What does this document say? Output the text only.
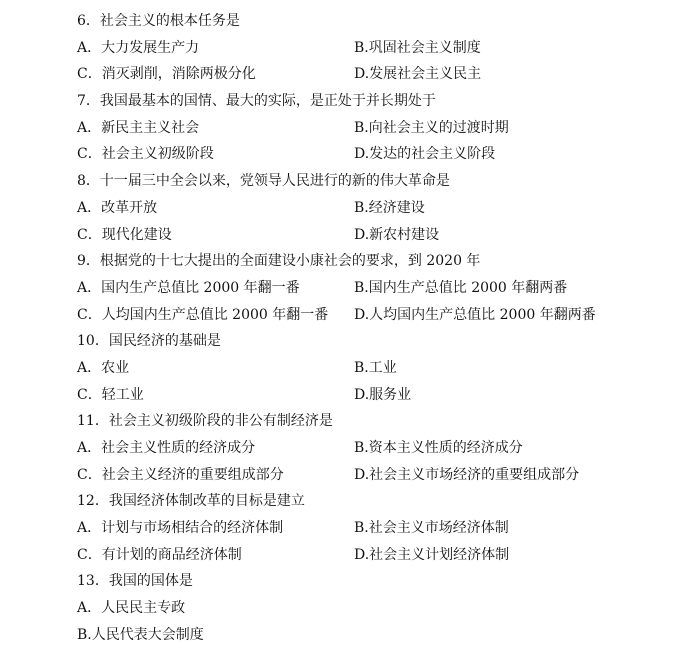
6．社会主义的根本任务是
A．大力发展生产力	B.巩固社会主义制度
C．消灭剥削，消除两极分化	D.发展社会主义民主
7．我国最基本的国情、最大的实际，是正处于并长期处于
A．新民主主义社会	B.向社会主义的过渡时期
C．社会主义初级阶段	D.发达的社会主义阶段
8．十一届三中全会以来，党领导人民进行的新的伟大革命是
A．改革开放	B.经济建设
C．现代化建设	D.新农村建设
9．根据党的十七大提出的全面建设小康社会的要求，到 2020 年
A．国内生产总值比 2000 年翻一番	B.国内生产总值比 2000 年翻两番
C．人均国内生产总值比 2000 年翻一番 D.人均国内生产总值比 2000 年翻两番
10．国民经济的基础是
A．农业	B.工业
C．轻工业	D.服务业
11．社会主义初级阶段的非公有制经济是
A．社会主义性质的经济成分	B.资本主义性质的经济成分
C．社会主义经济的重要组成部分	D.社会主义市场经济的重要组成部分
12．我国经济体制改革的目标是建立
A．计划与市场相结合的经济体制	B.社会主义市场经济体制
C．有计划的商品经济体制	D.社会主义计划经济体制
13．我国的国体是
A．人民民主专政
B.人民代表大会制度
